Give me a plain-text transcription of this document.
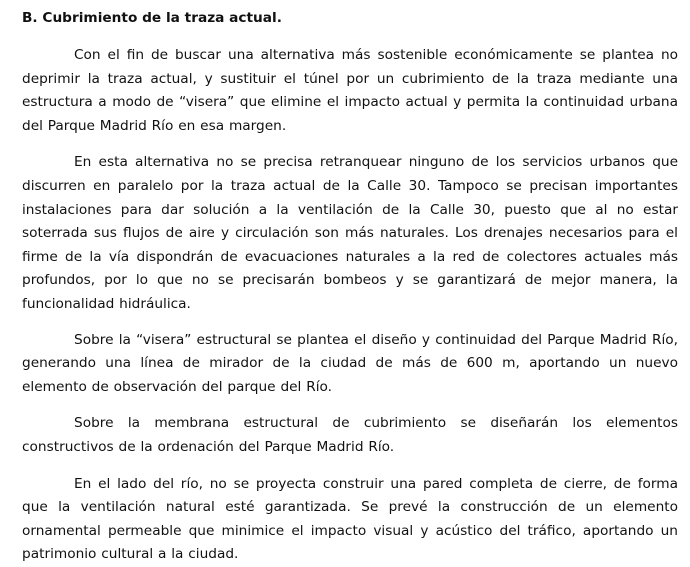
B. Cubrimiento de la traza actual.

Con el fin de buscar una alternativa más sostenible económicamente se plantea no deprimir la traza actual, y sustituir el túnel por un cubrimiento de la traza mediante una estructura a modo de “visera” que elimine el impacto actual y permita la continuidad urbana del Parque Madrid Río en esa margen.

En esta alternativa no se precisa retranquear ninguno de los servicios urbanos que discurren en paralelo por la traza actual de la Calle 30. Tampoco se precisan importantes instalaciones para dar solución a la ventilación de la Calle 30, puesto que al no estar soterrada sus flujos de aire y circulación son más naturales. Los drenajes necesarios para el firme de la vía dispondrán de evacuaciones naturales a la red de colectores actuales más profundos, por lo que no se precisarán bombeos y se garantizará de mejor manera, la funcionalidad hidráulica.

Sobre la “visera” estructural se plantea el diseño y continuidad del Parque Madrid Río, generando una línea de mirador de la ciudad de más de 600 m, aportando un nuevo elemento de observación del parque del Río.

Sobre la membrana estructural de cubrimiento se diseñarán los elementos constructivos de la ordenación del Parque Madrid Río.

En el lado del río, no se proyecta construir una pared completa de cierre, de forma que la ventilación natural esté garantizada. Se prevé la construcción de un elemento ornamental permeable que minimice el impacto visual y acústico del tráfico, aportando un patrimonio cultural a la ciudad.
